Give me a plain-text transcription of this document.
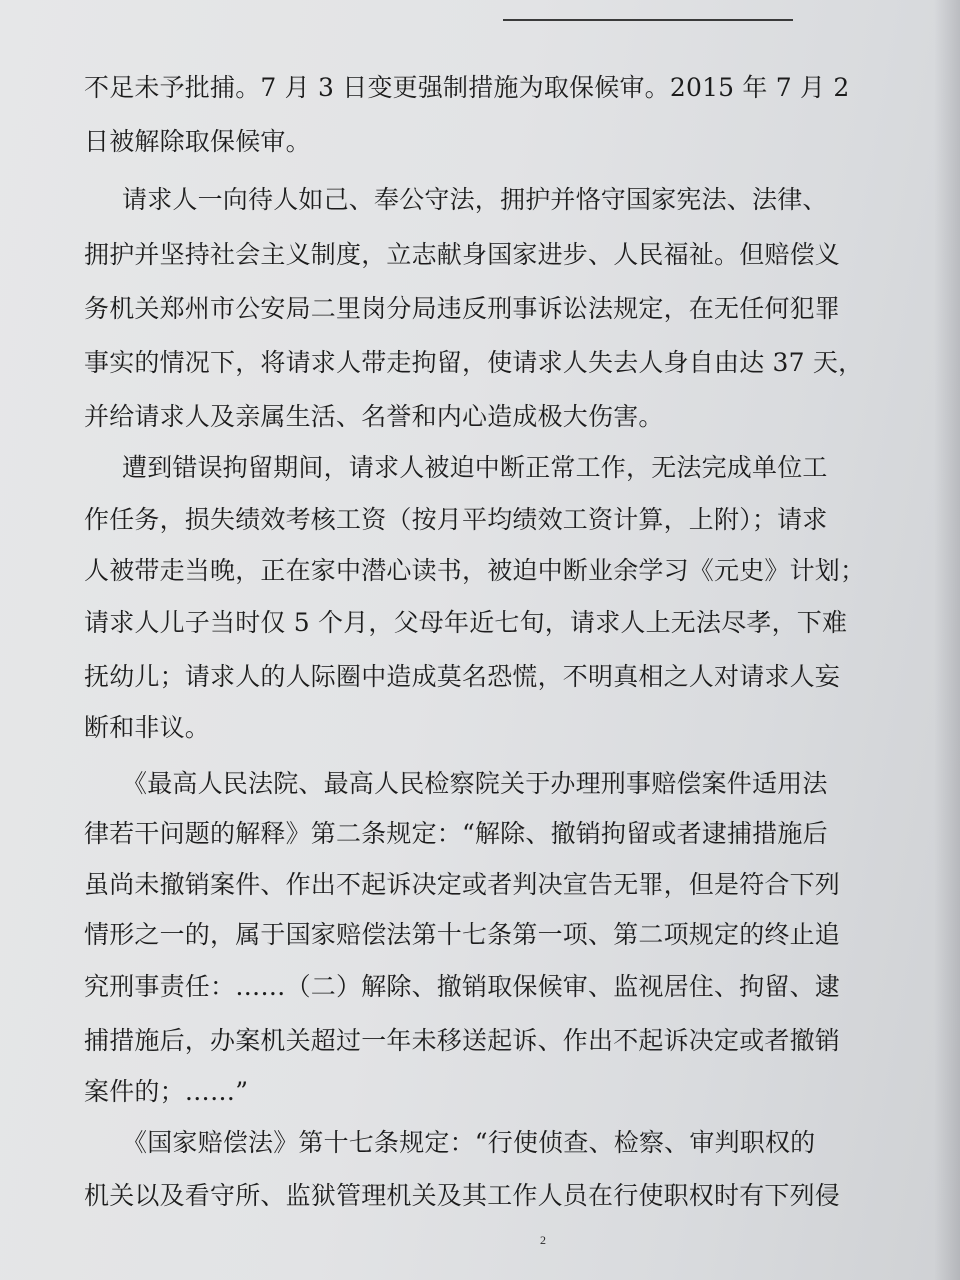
不足未予批捕。7 月 3 日变更强制措施为取保候审。2015 年 7 月 2
日被解除取保候审。
请求人一向待人如己、奉公守法，拥护并恪守国家宪法、法律、
拥护并坚持社会主义制度，立志献身国家进步、人民福祉。但赔偿义
务机关郑州市公安局二里岗分局违反刑事诉讼法规定，在无任何犯罪
事实的情况下，将请求人带走拘留，使请求人失去人身自由达 37 天，
并给请求人及亲属生活、名誉和内心造成极大伤害。
遭到错误拘留期间，请求人被迫中断正常工作，无法完成单位工
作任务，损失绩效考核工资（按月平均绩效工资计算，上附）；请求
人被带走当晚，正在家中潜心读书，被迫中断业余学习《元史》计划；
请求人儿子当时仅 5 个月，父母年近七旬，请求人上无法尽孝，下难
抚幼儿；请求人的人际圈中造成莫名恐慌，不明真相之人对请求人妄
断和非议。
《最高人民法院、最高人民检察院关于办理刑事赔偿案件适用法
律若干问题的解释》第二条规定：“解除、撤销拘留或者逮捕措施后
虽尚未撤销案件、作出不起诉决定或者判决宣告无罪，但是符合下列
情形之一的，属于国家赔偿法第十七条第一项、第二项规定的终止追
究刑事责任：……（二）解除、撤销取保候审、监视居住、拘留、逮
捕措施后，办案机关超过一年未移送起诉、作出不起诉决定或者撤销
案件的；……”
《国家赔偿法》第十七条规定：“行使侦查、检察、审判职权的
机关以及看守所、监狱管理机关及其工作人员在行使职权时有下列侵
2
